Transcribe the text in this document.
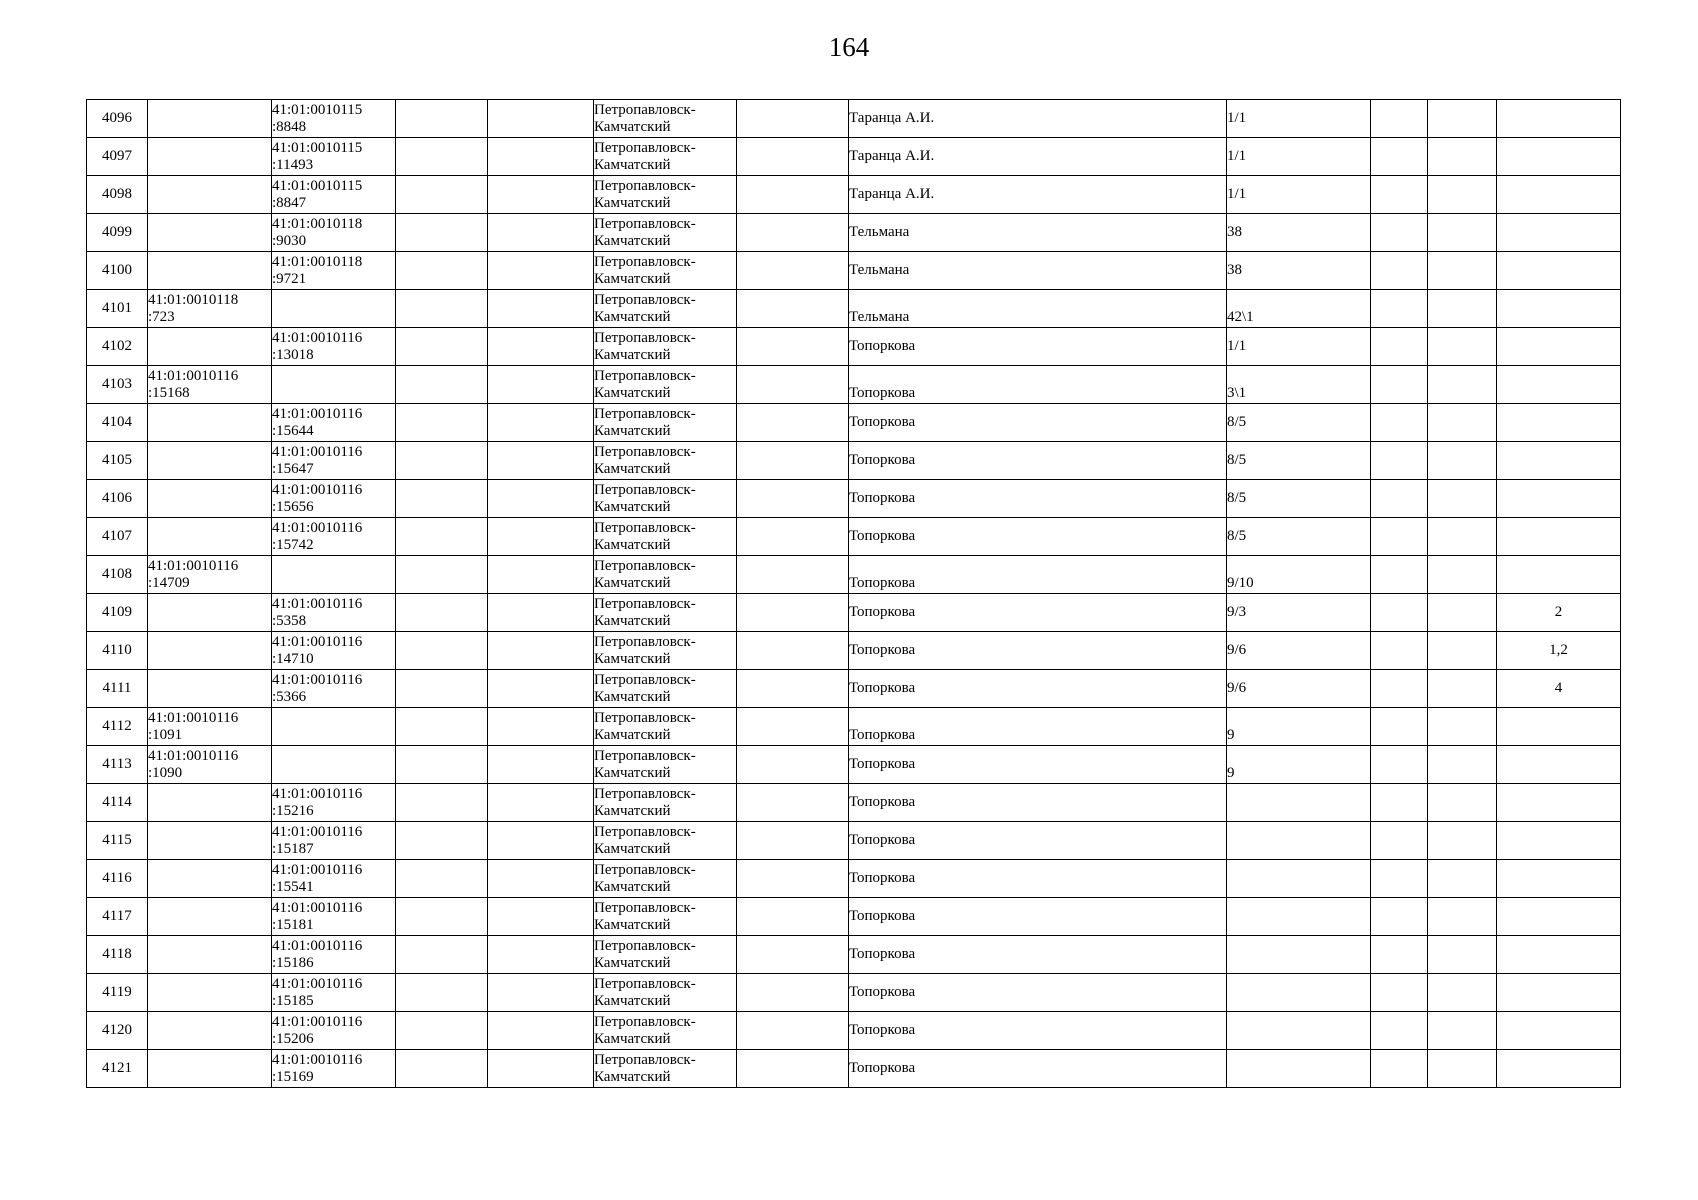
164
4096		41:01:0010115
:8848			Петропавловск-
Камчатский		Таранца А.И.	1/1			
4097		41:01:0010115
:11493			Петропавловск-
Камчатский		Таранца А.И.	1/1			
4098		41:01:0010115
:8847			Петропавловск-
Камчатский		Таранца А.И.	1/1			
4099		41:01:0010118
:9030			Петропавловск-
Камчатский		Тельмана	38			
4100		41:01:0010118
:9721			Петропавловск-
Камчатский		Тельмана	38			
4101	41:01:0010118
:723				Петропавловск-
Камчатский		Тельмана	42\1			

4102		41:01:0010116
:13018			Петропавловск-
Камчатский		Топоркова	1/1			
4103	41:01:0010116
:15168				Петропавловск-
Камчатский		Топоркова	3\1			

4104		41:01:0010116
:15644			Петропавловск-
Камчатский		Топоркова	8/5			
4105		41:01:0010116
:15647			Петропавловск-
Камчатский		Топоркова	8/5			
4106		41:01:0010116
:15656			Петропавловск-
Камчатский		Топоркова	8/5			
4107		41:01:0010116
:15742			Петропавловск-
Камчатский		Топоркова	8/5			
4108	41:01:0010116
:14709				Петропавловск-
Камчатский		Топоркова	9/10			

4109		41:01:0010116
:5358			Петропавловск-
Камчатский		Топоркова	9/3			2
4110		41:01:0010116
:14710			Петропавловск-
Камчатский		Топоркова	9/6			1,2
4111		41:01:0010116
:5366			Петропавловск-
Камчатский		Топоркова	9/6			4
4112	41:01:0010116
:1091				Петропавловск-
Камчатский		Топоркова	9			

4113	41:01:0010116
:1090				Петропавловск-
Камчатский		Топоркова	9			

4114		41:01:0010116
:15216			Петропавловск-
Камчатский		Топоркова				
4115		41:01:0010116
:15187			Петропавловск-
Камчатский		Топоркова				
4116		41:01:0010116
:15541			Петропавловск-
Камчатский		Топоркова				
4117		41:01:0010116
:15181			Петропавловск-
Камчатский		Топоркова				
4118		41:01:0010116
:15186			Петропавловск-
Камчатский		Топоркова				
4119		41:01:0010116
:15185			Петропавловск-
Камчатский		Топоркова				
4120		41:01:0010116
:15206			Петропавловск-
Камчатский		Топоркова				
4121		41:01:0010116
:15169			Петропавловск-
Камчатский		Топоркова				
